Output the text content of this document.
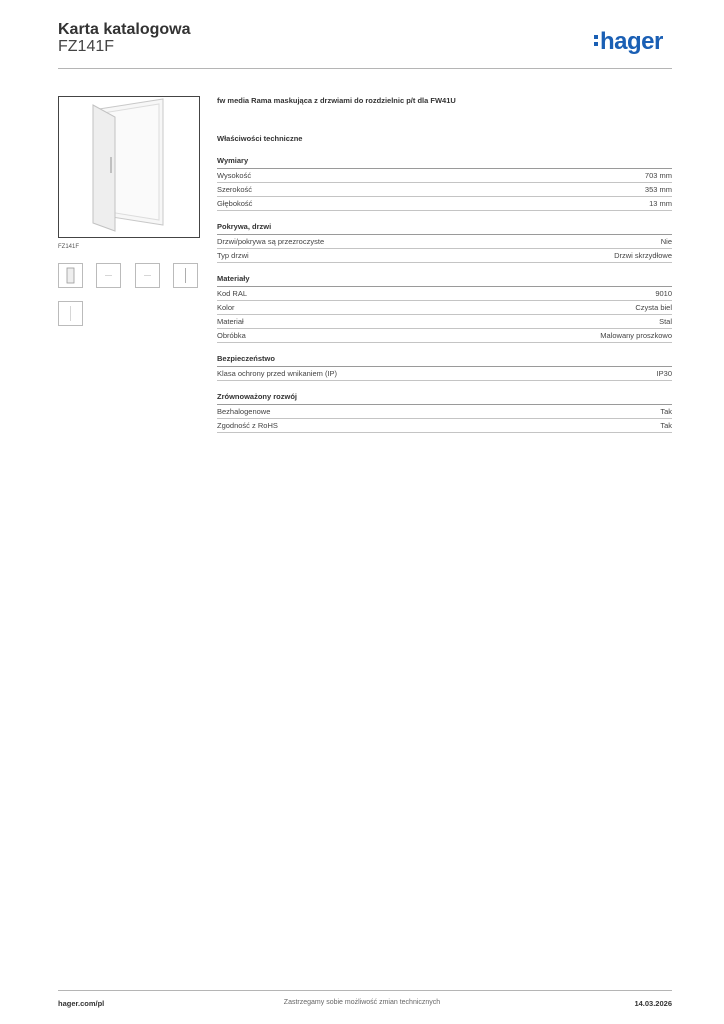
Karta katalogowa
FZ141F	hager
FZ141F
fw media Rama maskująca z drzwiami do rozdzielnic p/t dla FW41U
Właściwości techniczne
Wymiary
Wysokość	703 mm
Szerokość	353 mm
Głębokość	13 mm
Pokrywa, drzwi
Drzwi/pokrywa są przezroczyste	Nie
Typ drzwi	Drzwi skrzydłowe
Materiały
Kod RAL	9010
Kolor	Czysta biel
Materiał	Stal
Obróbka	Malowany proszkowo
Bezpieczeństwo
Klasa ochrony przed wnikaniem (IP)	IP30
Zrównoważony rozwój
Bezhalogenowe	Tak
Zgodność z RoHS	Tak
hager.com/pl	Zastrzegamy sobie możliwość zmian technicznych	14.03.2026
